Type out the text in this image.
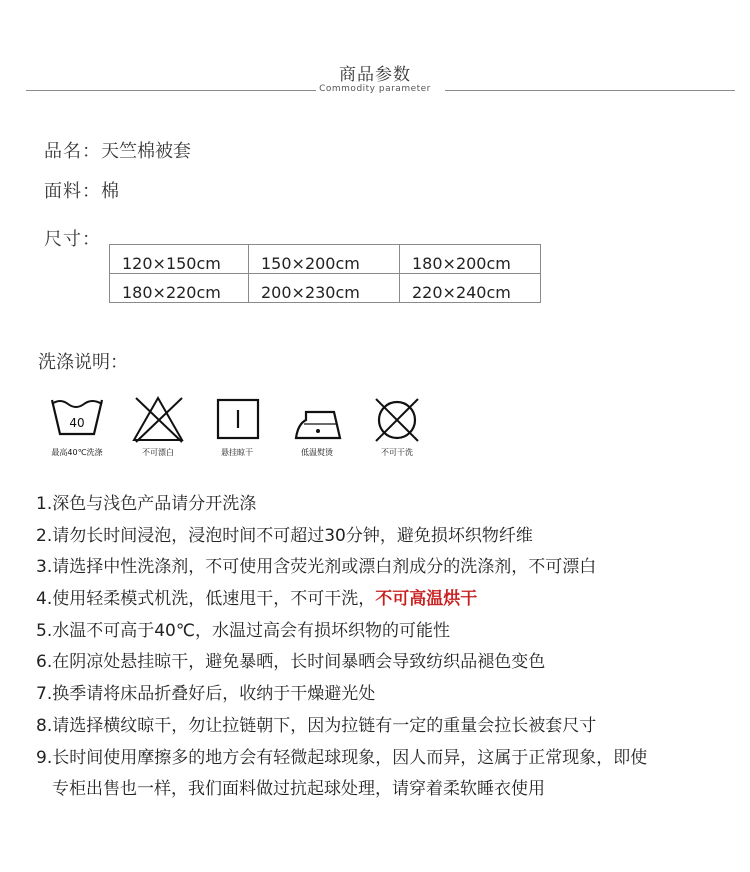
商品参数
Commodity parameter
品名：天竺棉被套
面料：棉
尺寸：
120×150cm	150×200cm	180×200cm
180×220cm	200×230cm	220×240cm
洗涤说明：
40
最高40℃洗涤	不可漂白	悬挂晾干	低温熨烫	不可干洗
1.深色与浅色产品请分开洗涤
2.请勿长时间浸泡，浸泡时间不可超过30分钟，避免损坏织物纤维
3.请选择中性洗涤剂，不可使用含荧光剂或漂白剂成分的洗涤剂，不可漂白
4.使用轻柔模式机洗，低速甩干，不可干洗，不可高温烘干
5.水温不可高于40℃，水温过高会有损坏织物的可能性
6.在阴凉处悬挂晾干，避免暴晒，长时间暴晒会导致纺织品褪色变色
7.换季请将床品折叠好后，收纳于干燥避光处
8.请选择横纹晾干，勿让拉链朝下，因为拉链有一定的重量会拉长被套尺寸
9.长时间使用摩擦多的地方会有轻微起球现象，因人而异，这属于正常现象，即使
专柜出售也一样，我们面料做过抗起球处理，请穿着柔软睡衣使用
